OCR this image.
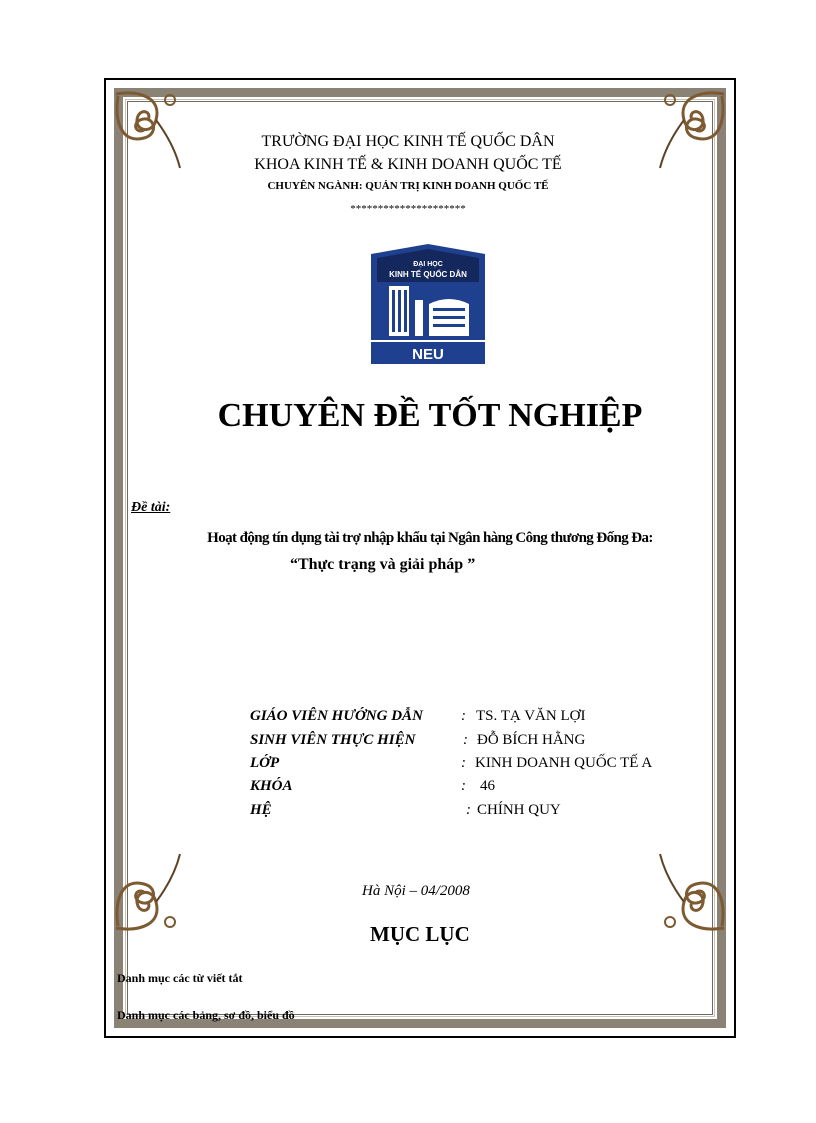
TRƯỜNG ĐẠI HỌC KINH TẾ QUỐC DÂN
KHOA KINH TẾ & KINH DOANH QUỐC TẾ
CHUYÊN NGÀNH: QUẢN TRỊ KINH DOANH QUỐC TẾ
*********************
ĐẠI HỌC
KINH TẾ QUỐC DÂN
NEU
CHUYÊN ĐỀ TỐT NGHIỆP
Đề tài:
Hoạt động tín dụng tài trợ nhập khẩu tại Ngân hàng Công thương Đống Đa:
“Thực trạng và giải pháp ”
GIÁO VIÊN HƯỚNG DẪN	: TS. TẠ VĂN LỢI
SINH VIÊN THỰC HIỆN	: ĐỖ BÍCH HẰNG
LỚP	: KINH DOANH QUỐC TẾ A
KHÓA	: 46
HỆ	: CHÍNH QUY
Hà Nội – 04/2008
MỤC LỤC
Danh mục các từ viết tắt
Danh mục các bảng, sơ đồ, biểu đồ
